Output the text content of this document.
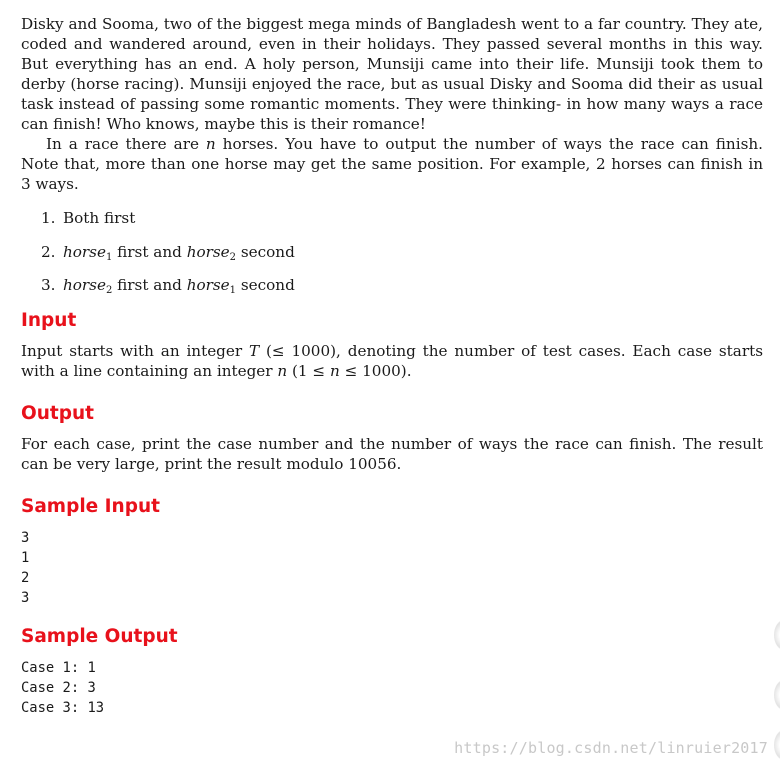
Disky and Sooma, two of the biggest mega minds of Bangladesh went to a far country. They ate, coded and wandered around, even in their holidays. They passed several months in this way. But everything has an end. A holy person, Munsiji came into their life. Munsiji took them to derby (horse racing). Munsiji enjoyed the race, but as usual Disky and Sooma did their as usual task instead of passing some romantic moments. They were thinking- in how many ways a race can finish! Who knows, maybe this is their romance!

In a race there are n horses. You have to output the number of ways the race can finish. Note that, more than one horse may get the same position. For example, 2 horses can finish in 3 ways.

1. Both first
2. horse$_1$ first and horse$_2$ second
3. horse$_2$ first and horse$_1$ second
Input

Input starts with an integer T (≤ 1000), denoting the number of test cases. Each case starts with a line containing an integer n (1 ≤ n ≤ 1000).

Output

For each case, print the case number and the number of ways the race can finish. The result can be very large, print the result modulo 10056.

Sample Input
3
1
2
3
Sample Output
Case 1: 1
Case 2: 3
Case 3: 13
https://blog.csdn.net/linruier2017
